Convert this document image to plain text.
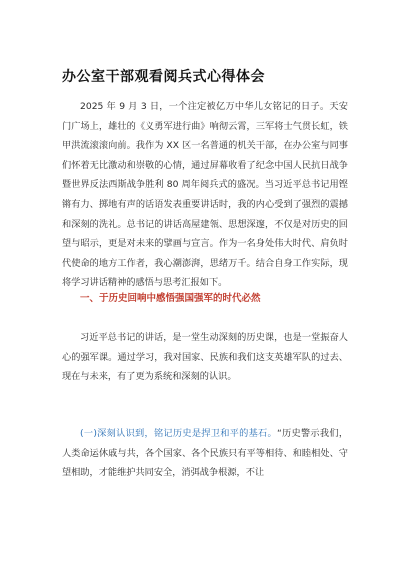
办公室干部观看阅兵式心得体会
2025 年 9 月 3 日，一个注定被亿万中华儿女铭记的日子。天安门广场上，雄壮的《义勇军进行曲》响彻云霄，三军将士气贯长虹，铁甲洪流滚滚向前。我作为 XX 区一名普通的机关干部，在办公室与同事们怀着无比激动和崇敬的心情，通过屏幕收看了纪念中国人民抗日战争暨世界反法西斯战争胜利 80 周年阅兵式的盛况。当习近平总书记用铿锵有力、掷地有声的话语发表重要讲话时，我的内心受到了强烈的震撼和深刻的洗礼。总书记的讲话高屋建瓴、思想深邃，不仅是对历史的回望与昭示，更是对未来的擘画与宣言。作为一名身处伟大时代、肩负时代使命的地方工作者，我心潮澎湃，思绪万千。结合自身工作实际，现将学习讲话精神的感悟与思考汇报如下。
一、于历史回响中感悟强国强军的时代必然
习近平总书记的讲话，是一堂生动深刻的历史课，也是一堂振奋人心的强军课。通过学习，我对国家、民族和我们这支英雄军队的过去、现在与未来，有了更为系统和深刻的认识。
(一)深刻认识到，铭记历史是捍卫和平的基石。“历史警示我们，人类命运休戚与共，各个国家、各个民族只有平等相待、和睦相处、守望相助，才能维护共同安全，消弭战争根源，不让
